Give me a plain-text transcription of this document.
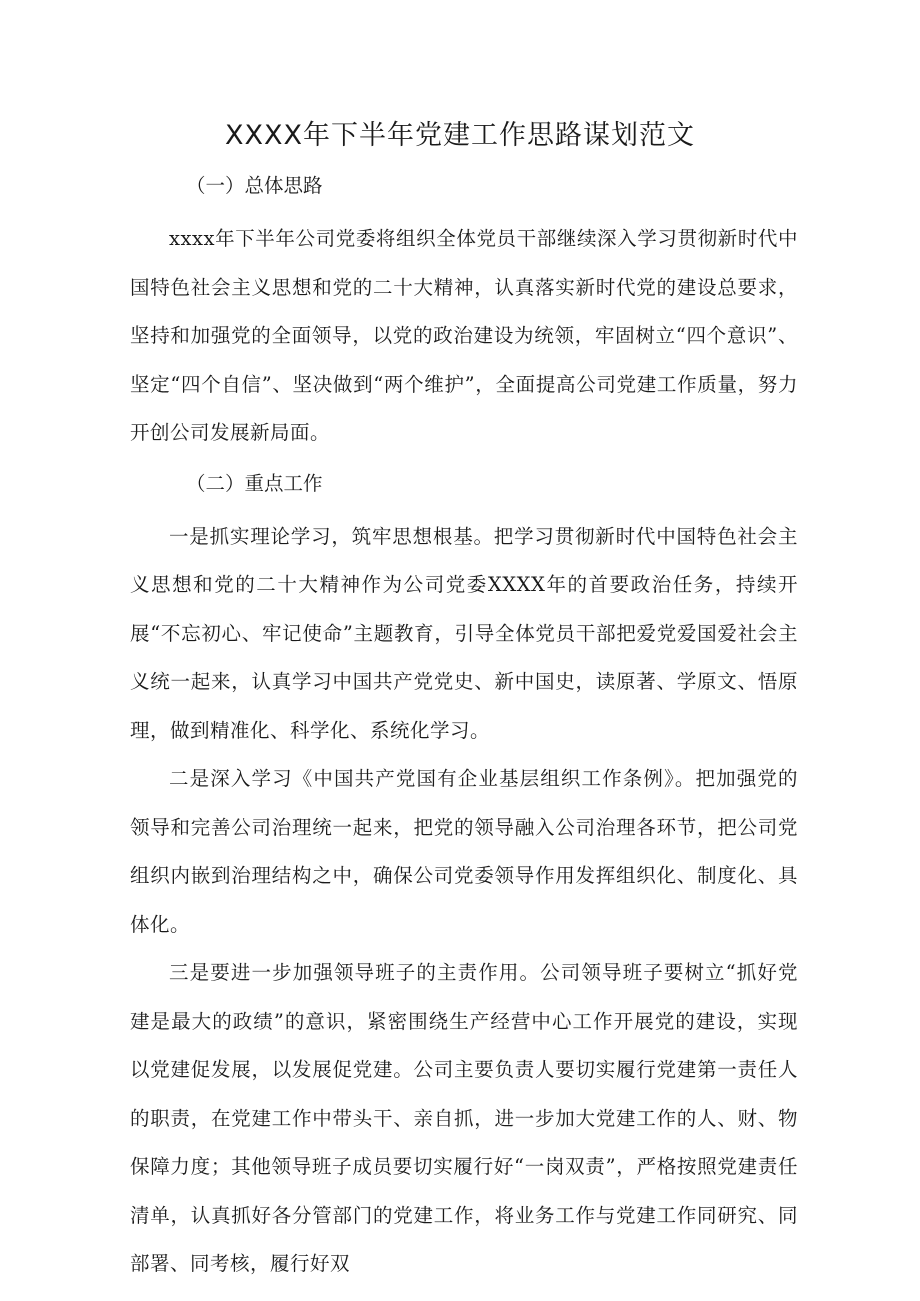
XXXX年下半年党建工作思路谋划范文

（一）总体思路

xxxx年下半年公司党委将组织全体党员干部继续深入学习贯彻新时代中国特色社会主义思想和党的二十大精神，认真落实新时代党的建设总要求，坚持和加强党的全面领导，以党的政治建设为统领，牢固树立“四个意识”、坚定“四个自信”、坚决做到“两个维护”，全面提高公司党建工作质量，努力开创公司发展新局面。

（二）重点工作

一是抓实理论学习，筑牢思想根基。把学习贯彻新时代中国特色社会主义思想和党的二十大精神作为公司党委XXXX年的首要政治任务，持续开展“不忘初心、牢记使命”主题教育，引导全体党员干部把爱党爱国爱社会主义统一起来，认真学习中国共产党党史、新中国史，读原著、学原文、悟原理，做到精准化、科学化、系统化学习。

二是深入学习《中国共产党国有企业基层组织工作条例》。把加强党的领导和完善公司治理统一起来，把党的领导融入公司治理各环节，把公司党组织内嵌到治理结构之中，确保公司党委领导作用发挥组织化、制度化、具体化。

三是要进一步加强领导班子的主责作用。公司领导班子要树立“抓好党建是最大的政绩”的意识，紧密围绕生产经营中心工作开展党的建设，实现以党建促发展，以发展促党建。公司主要负责人要切实履行党建第一责任人的职责，在党建工作中带头干、亲自抓，进一步加大党建工作的人、财、物保障力度；其他领导班子成员要切实履行好“一岗双责”，严格按照党建责任清单，认真抓好各分管部门的党建工作，将业务工作与党建工作同研究、同部署、同考核，履行好双
